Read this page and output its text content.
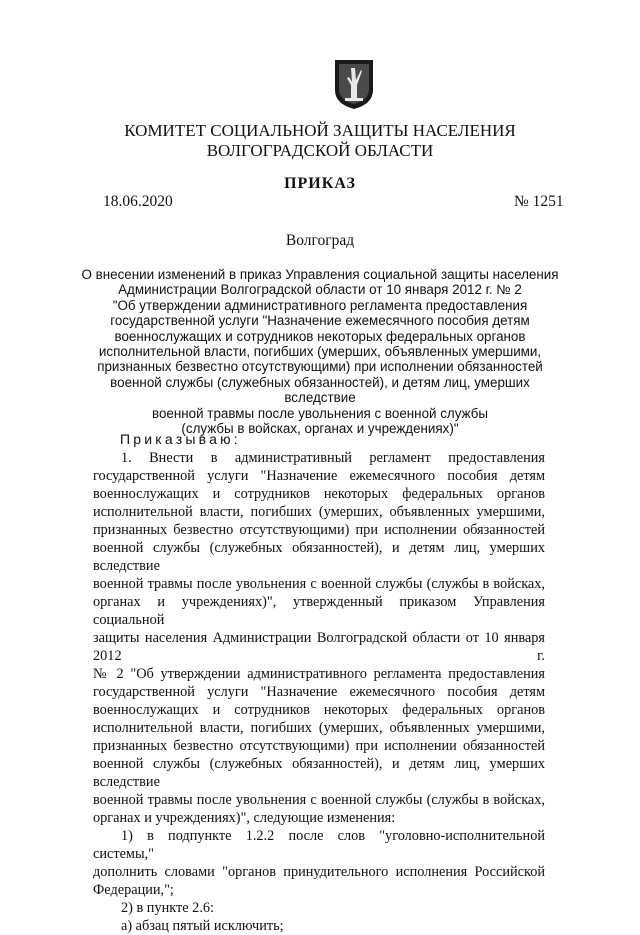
КОМИТЕТ СОЦИАЛЬНОЙ ЗАЩИТЫ НАСЕЛЕНИЯ
ВОЛГОГРАДСКОЙ ОБЛАСТИ
ПРИКАЗ
18.06.2020	№ 1251
Волгоград
О внесении изменений в приказ Управления социальной защиты населения
Администрации Волгоградской области от 10 января 2012 г. № 2
"Об утверждении административного регламента предоставления
государственной услуги "Назначение ежемесячного пособия детям
военнослужащих и сотрудников некоторых федеральных органов
исполнительной власти, погибших (умерших, объявленных умершими,
признанных безвестно отсутствующими) при исполнении обязанностей
военной службы (служебных обязанностей), и детям лиц, умерших вследствие
военной травмы после увольнения с военной службы
(службы в войсках, органах и учреждениях)"
Приказываю:

1. Внести в административный регламент предоставления

государственной услуги "Назначение ежемесячного пособия детям

военнослужащих и сотрудников некоторых федеральных органов

исполнительной власти, погибших (умерших, объявленных умершими,

признанных безвестно отсутствующими) при исполнении обязанностей

военной службы (служебных обязанностей), и детям лиц, умерших вследствие

военной травмы после увольнения с военной службы (службы в войсках,

органах и учреждениях)", утвержденный приказом Управления социальной

защиты населения Администрации Волгоградской области от 10 января 2012 г.

№ 2 "Об утверждении административного регламента предоставления

государственной услуги "Назначение ежемесячного пособия детям

военнослужащих и сотрудников некоторых федеральных органов

исполнительной власти, погибших (умерших, объявленных умершими,

признанных безвестно отсутствующими) при исполнении обязанностей

военной службы (служебных обязанностей), и детям лиц, умерших вследствие

военной травмы после увольнения с военной службы (службы в войсках,

органах и учреждениях)", следующие изменения:

1) в подпункте 1.2.2 после слов "уголовно-исполнительной системы,"

дополнить словами "органов принудительного исполнения Российской

Федерации,";

2) в пункте 2.6:

а) абзац пятый исключить;
